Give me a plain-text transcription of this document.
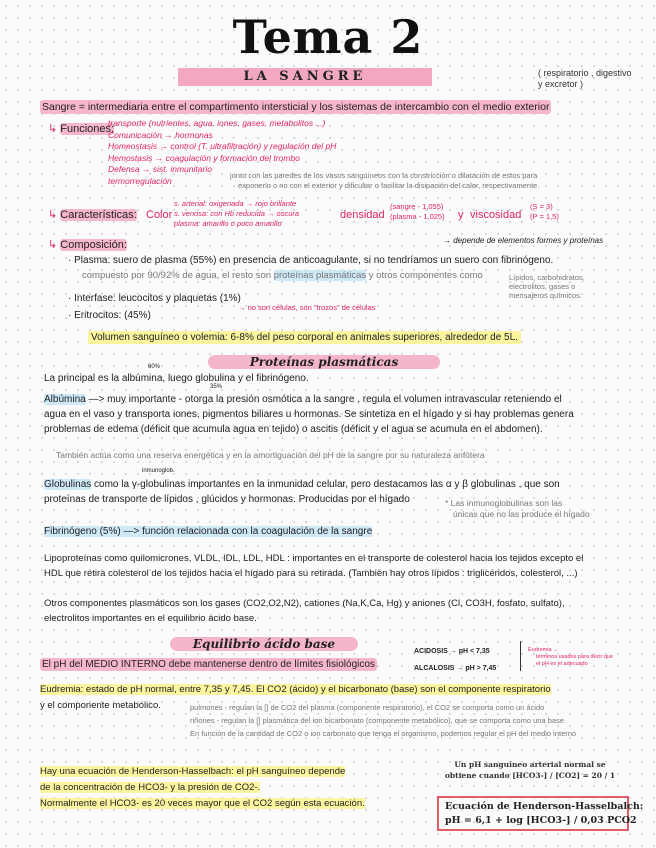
Tema 2
LA SANGRE	( respiratorio , digestivo y excretor )
Sangre = intermediaria entre el compartimento intersticial y los sistemas de intercambio con el medio exterior
↳ Funciones:
transporte (nutrientes, agua, iones, gases, metabolitos ...)
Comunicación → hormonas
Homeostasis → control (T. ultrafiltración) y regulación del pH
Hemostasis → coagulación y formación del trombo
Defensa → sist. inmunitario
termorregulación	junto con las paredes de los vasos sanguíneos con la constricción o dilatación de estos para
exponerlo o no con el exterior y dificultar o facilitar la disipación del calor, respectivamente.
↳ Características: Color
s. arterial: oxigenada → rojo brillante
s. venosa: con Hb reducida → oscura
plasma: amarillo o poco amarillo
densidad
(sangre - 1,055)
(plasma - 1,025) y viscosidad
(S = 3)
(P = 1,5)
→ depende de elementos formes y proteínas
↳ Composición:
· Plasma: suero de plasma (55%) en presencia de anticoagulante, si no tendríamos un suero con fibrinógeno.
compuesto por 90/92% de agua, el resto son proteínas plasmáticas y otros componentes como	Lípidos, carbohidratos,
electrolitos, gases o
mensajeros químicos.
· Interfase: leucocitos y plaquetas (1%)
· Eritrocitos: (45%)
→ no son células, son "trozos" de células
Volumen sanguíneo o volemia: 6-8% del peso corporal en animales superiores, alrededor de 5L.
Proteínas plasmáticas
60%
35%
La principal es la albúmina, luego globulina y el fibrinógeno.
Albúmina —> muy importante - otorga la presión osmótica a la sangre , regula el volumen intravascular reteniendo el
agua en el vaso y transporta iones, pigmentos biliares u hormonas. Se sintetiza en el hígado y si hay problemas genera
problemas de edema (déficit que acumula agua en tejido) o ascitis (déficit y el agua se acumula en el abdomen).
También actúa como una reserva energética y en la amortiguación del pH de la sangre por su naturaleza anfótera
inmunoglob.
Globulinas como la γ-globulinas importantes en la inmunidad celular, pero destacamos las α y β globulinas , que son
proteínas de transporte de lípidos , glúcidos y hormonas. Producidas por el hígado	* Las inmunoglobulinas son las
únicas que no las produce el hígado
Fibrinógeno (5%) —> función relacionada con la coagulación de la sangre
Lipoproteínas como quilomicrones, VLDL, IDL, LDL, HDL : importantes en el transporte de colesterol hacia los tejidos excepto el
HDL que retira colesterol de los tejidos hacia el hígado para su retirada. (También hay otros lípidos : triglicéridos, colesterol, ...)
Otros componentes plasmáticos son los gases (CO2,O2,N2), cationes (Na,K,Ca, Hg) y aniones (Cl, CO3H, fosfato, sulfato),
electrolitos importantes en el equilibrio ácido base.
Equilibrio ácido base
El pH del MEDIO INTERNO debe mantenerse dentro de límites fisiológicos
ACIDOSIS → pH < 7,35
ALCALOSIS → pH > 7,45
Eudremia →
términos usados para decir que
el pH es el adecuado
Eudremia: estado de pH normal, entre 7,35 y 7,45. El CO2 (ácido) y el bicarbonato (base) son el componente respiratorio
y el componente metabólico.	pulmones - regulan la [] de CO2 del plasma (componente respiratorio), el CO2 se comporta como un ácido
riñones - regulan la [] plasmática del ion bicarbonato (componente metabólico), que se comporta como una base.
En función de la cantidad de CO2 o ion carbonato que tenga el organismo, podemos regular el pH del medio interno
Hay una ecuación de Henderson-Hasselbach: el pH sanguíneo depende
de la concentración de HCO3- y la presión de CO2-.
Normalmente el HCO3- es 20 veces mayor que el CO2 según esta ecuación.
Un pH sanguíneo arterial normal se
obtiene cuando [HCO3-] / [CO2] = 20 / 1
Ecuación de Henderson-Hasselbalch:
pH = 6,1 + log [HCO3-] / 0,03 PCO2
